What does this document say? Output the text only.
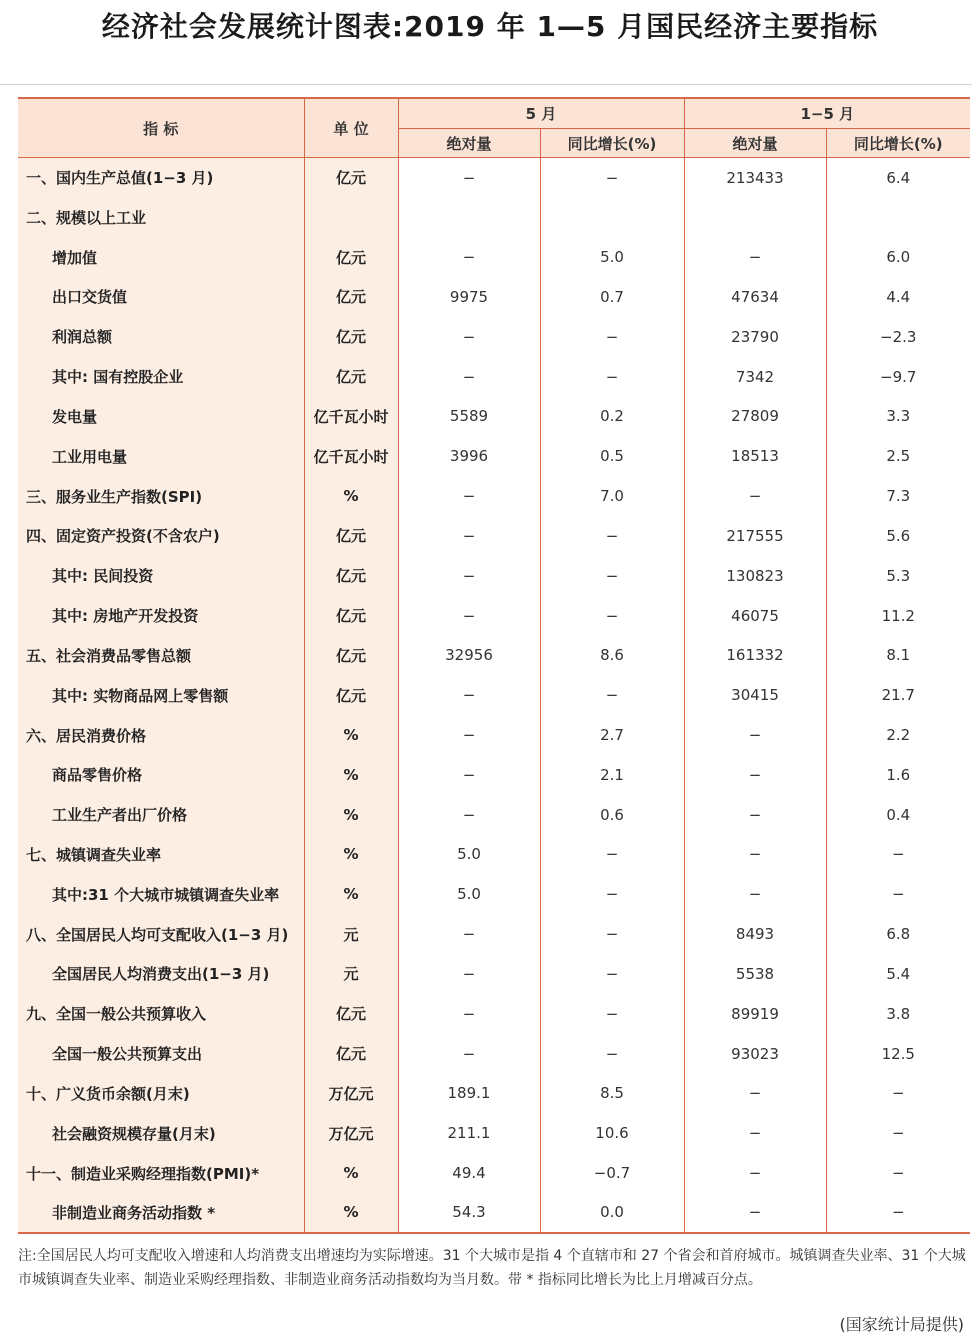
经济社会发展统计图表:2019 年 1—5 月国民经济主要指标
指 标	单 位	5 月		1−5 月	
		绝对量	同比增长(%)	绝对量	同比增长(%)
一、国内生产总值(1−3 月)	亿元	−	−	213433	6.4
二、规模以上工业					
增加值	亿元	−	5.0	−	6.0
出口交货值	亿元	9975	0.7	47634	4.4
利润总额	亿元	−	−	23790	−2.3
其中: 国有控股企业	亿元	−	−	7342	−9.7
发电量	亿千瓦小时	5589	0.2	27809	3.3
工业用电量	亿千瓦小时	3996	0.5	18513	2.5
三、服务业生产指数(SPI)	%	−	7.0	−	7.3
四、固定资产投资(不含农户)	亿元	−	−	217555	5.6
其中: 民间投资	亿元	−	−	130823	5.3
其中: 房地产开发投资	亿元	−	−	46075	11.2
五、社会消费品零售总额	亿元	32956	8.6	161332	8.1
其中: 实物商品网上零售额	亿元	−	−	30415	21.7
六、居民消费价格	%	−	2.7	−	2.2
商品零售价格	%	−	2.1	−	1.6
工业生产者出厂价格	%	−	0.6	−	0.4
七、城镇调查失业率	%	5.0	−	−	−
其中:31 个大城市城镇调查失业率	%	5.0	−	−	−
八、全国居民人均可支配收入(1−3 月)	元	−	−	8493	6.8
全国居民人均消费支出(1−3 月)	元	−	−	5538	5.4
九、全国一般公共预算收入	亿元	−	−	89919	3.8
全国一般公共预算支出	亿元	−	−	93023	12.5
十、广义货币余额(月末)	万亿元	189.1	8.5	−	−
社会融资规模存量(月末)	万亿元	211.1	10.6	−	−
十一、制造业采购经理指数(PMI)*	%	49.4	−0.7	−	−
非制造业商务活动指数 *	%	54.3	0.0	−	−
注:全国居民人均可支配收入增速和人均消费支出增速均为实际增速。31 个大城市是指 4 个直辖市和 27 个省会和首府城市。城镇调查失业率、31 个大城市城镇调查失业率、制造业采购经理指数、非制造业商务活动指数均为当月数。带 * 指标同比增长为比上月增减百分点。
(国家统计局提供)
